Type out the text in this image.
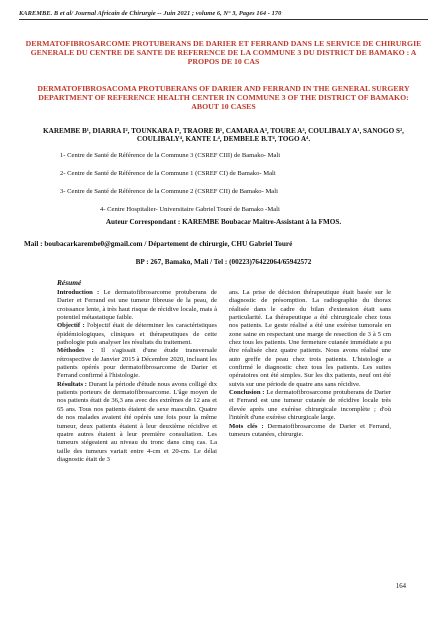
KAREMBE. B et al/ Journal Africain de Chirurgie -- Juin 2021 ; volume 6, N° 3, Pages 164 - 170
DERMATOFIBROSARCOME PROTUBERANS DE DARIER ET FERRAND DANS LE SERVICE DE CHIRURGIE GENERALE DU CENTRE DE SANTE DE REFERENCE DE LA COMMUNE 3 DU DISTRICT DE BAMAKO : A PROPOS DE 10 CAS
DERMATOFIBROSACOMA PROTUBERANS OF DARIER AND FERRAND IN THE GENERAL SURGERY DEPARTMENT OF REFERENCE HEALTH CENTER IN COMMUNE 3 OF THE DISTRICT OF BAMAKO: ABOUT 10 CASES
KAREMBE B¹, DIARRA I², TOUNKARA I³, TRAORE B¹, CAMARA A³, TOURE A³, COULIBALY A¹, SANOGO S², COULIBALY⁴, KANTE L⁴, DEMBELE B.T⁴, TOGO A⁴.
1- Centre de Santé de Référence de la Commune 3 (CSREF CIII) de Bamako- Mali
2- Centre de Santé de Référence de la Commune 1 (CSREF CI) de Bamako- Mali
3- Centre de Santé de Référence de la Commune 2 (CSREF CII) de Bamako- Mali
4- Centre Hospitalier- Universitaire Gabriel Touré de Bamako -Mali
Auteur Correspondant : KAREMBE Boubacar Maitre-Assistant à la FMOS.
Mail : boubacarkarembe0@gmail.com / Département de chirurgie, CHU Gabriel Touré
BP : 267, Bamako, Mali / Tel : (00223)76422064/65942572
Résumé

Introduction : Le dermatofibrosarcome protuberans de Darier et Ferrand est une tumeur fibreuse de la peau, de croissance lente, à très haut risque de récidive locale, mais à potentiel métastatique faible.

Objectif : l'objectif était de déterminer les caractéristiques épidémiologiques, cliniques et thérapeutiques de cette pathologie puis analyser les résultats du traitement.

Méthodes : Il s'agissait d'une étude transversale rétrospective de Janvier 2015 à Décembre 2020, incluant les patients opérés pour dermatofibrosarcome de Darier et Ferrand confirmé à l'histologie.

Résultats : Durant la période d'étude nous avons colligé dix patients porteurs de dermatofibrosarcome. L'âge moyen de nos patients était de 36,3 ans avec des extrêmes de 12 ans et 65 ans. Tous nos patients étaient de sexe masculin. Quatre de nos malades avaient été opérés une fois pour la même tumeur, deux patients étaient à leur deuxième récidive et quatre autres étaient à leur première consultation. Les tumeurs siégeaient au niveau du tronc dans cinq cas. La taille des tumeurs variait entre 4-cm et 20-cm. Le délai diagnostic était de 3

ans. La prise de décision thérapeutique était basée sur le diagnostic de présomption. La radiographie du thorax réalisée dans le cadre du bilan d'extension était sans particularité. La thérapeutique a été chirurgicale chez tous nos patients. Le geste réalisé a été une exérèse tumorale en zone saine en respectant une marge de resection de 3 à 5 cm chez tous les patients. Une fermeture cutanée immédiate a pu être réalisée chez quatre patients. Nous avons réalisé une auto greffe de peau chez trois patients. L'histologie a confirmé le diagnostic chez tous les patients. Les suites opératoires ont été simples. Sur les dix patients, neuf ont été suivis sur une période de quatre ans sans récidive.

Conclusion : Le dermatofibrosarcome protuberans de Darier et Ferrand est une tumeur cutanée de récidive locale très élevée après une exérèse chirurgicale incomplète ; d'où l'intérêt d'une exérèse chirurgicale large.

Mots clés : Dermatofibrosarcome de Darier et Ferrand, tumeurs cutanées, chirurgie.

164
